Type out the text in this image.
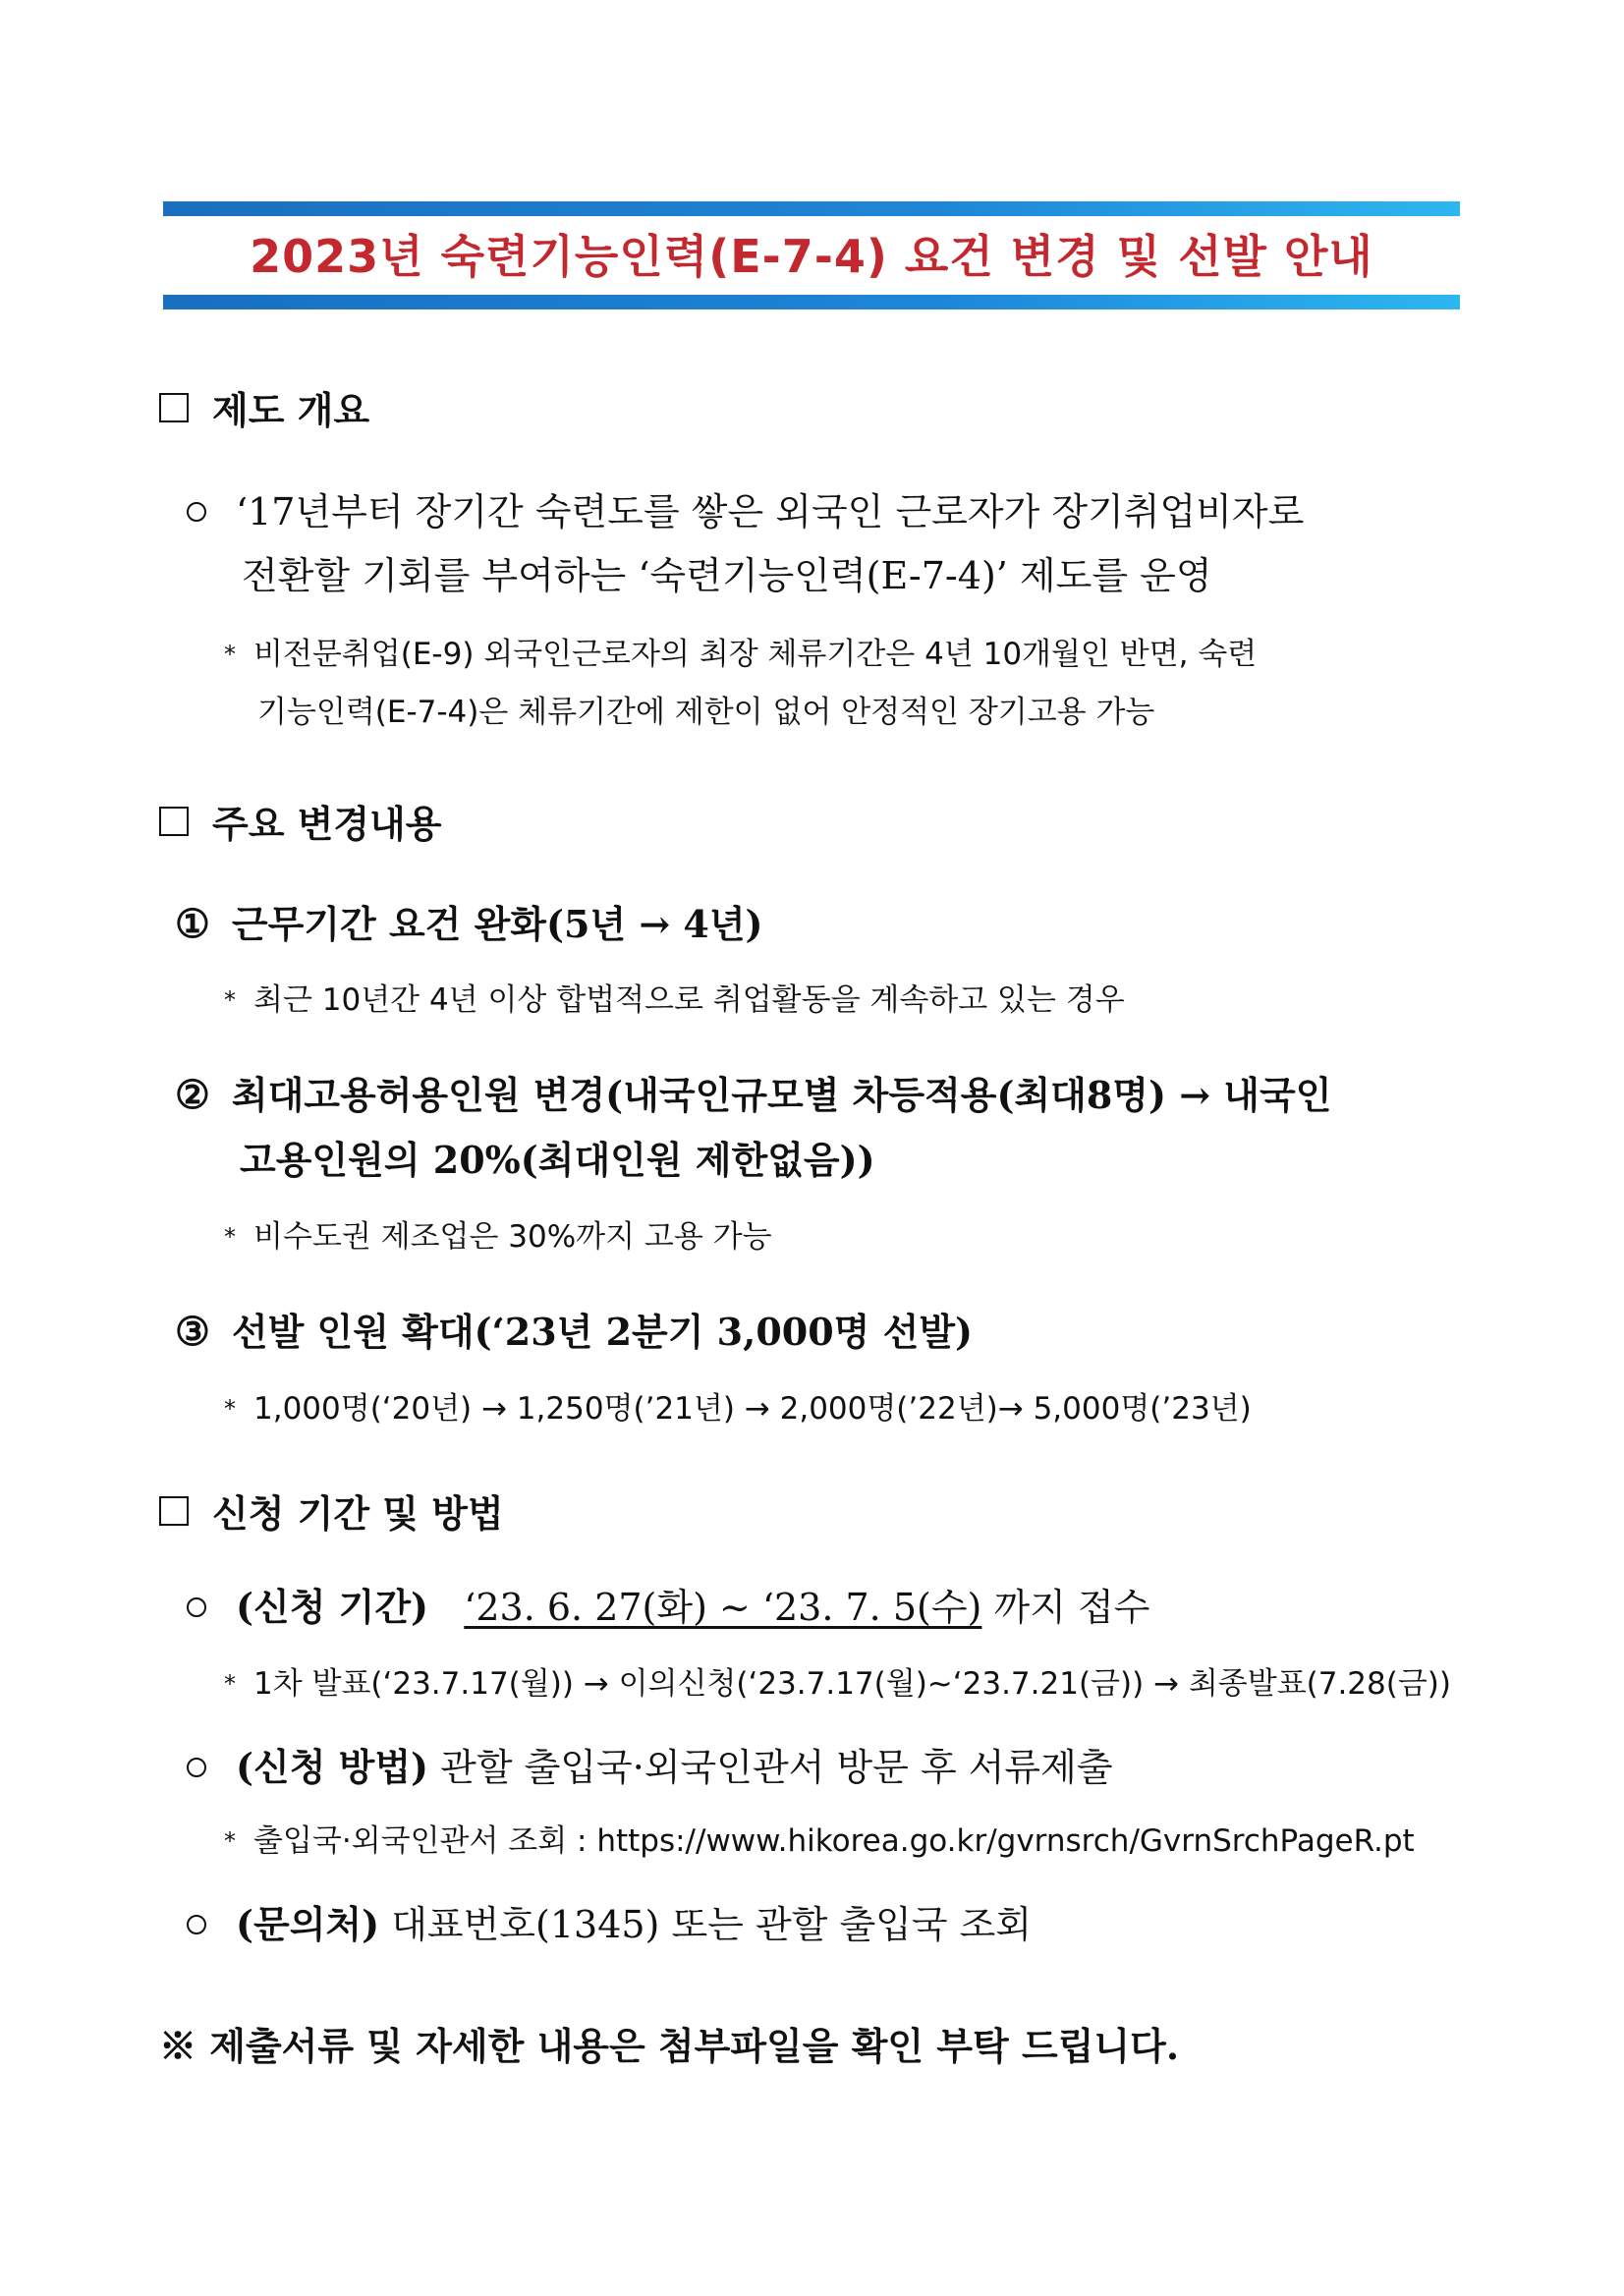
2023년 숙련기능인력(E-7-4) 요건 변경 및 선발 안내
제도 개요
‘17년부터 장기간 숙련도를 쌓은 외국인 근로자가 장기취업비자로
전환할 기회를 부여하는 ‘숙련기능인력(E-7-4)’ 제도를 운영
* 비전문취업(E-9) 외국인근로자의 최장 체류기간은 4년 10개월인 반면, 숙련
기능인력(E-7-4)은 체류기간에 제한이 없어 안정적인 장기고용 가능
주요 변경내용
① 근무기간 요건 완화(5년 → 4년)
* 최근 10년간 4년 이상 합법적으로 취업활동을 계속하고 있는 경우
② 최대고용허용인원 변경(내국인규모별 차등적용(최대8명) → 내국인
고용인원의 20%(최대인원 제한없음))
* 비수도권 제조업은 30%까지 고용 가능
③ 선발 인원 확대(‘23년 2분기 3,000명 선발)
* 1,000명(‘20년) → 1,250명(’21년) → 2,000명(’22년)→ 5,000명(’23년)
신청 기간 및 방법
(신청 기간) ‘23. 6. 27(화) ~ ‘23. 7. 5(수) 까지 접수
* 1차 발표(‘23.7.17(월)) → 이의신청(‘23.7.17(월)~‘23.7.21(금)) → 최종발표(7.28(금))
(신청 방법) 관할 출입국·외국인관서 방문 후 서류제출
* 출입국·외국인관서 조회 : https://www.hikorea.go.kr/gvrnsrch/GvrnSrchPageR.pt
(문의처) 대표번호(1345) 또는 관할 출입국 조회
※ 제출서류 및 자세한 내용은 첨부파일을 확인 부탁 드립니다.
